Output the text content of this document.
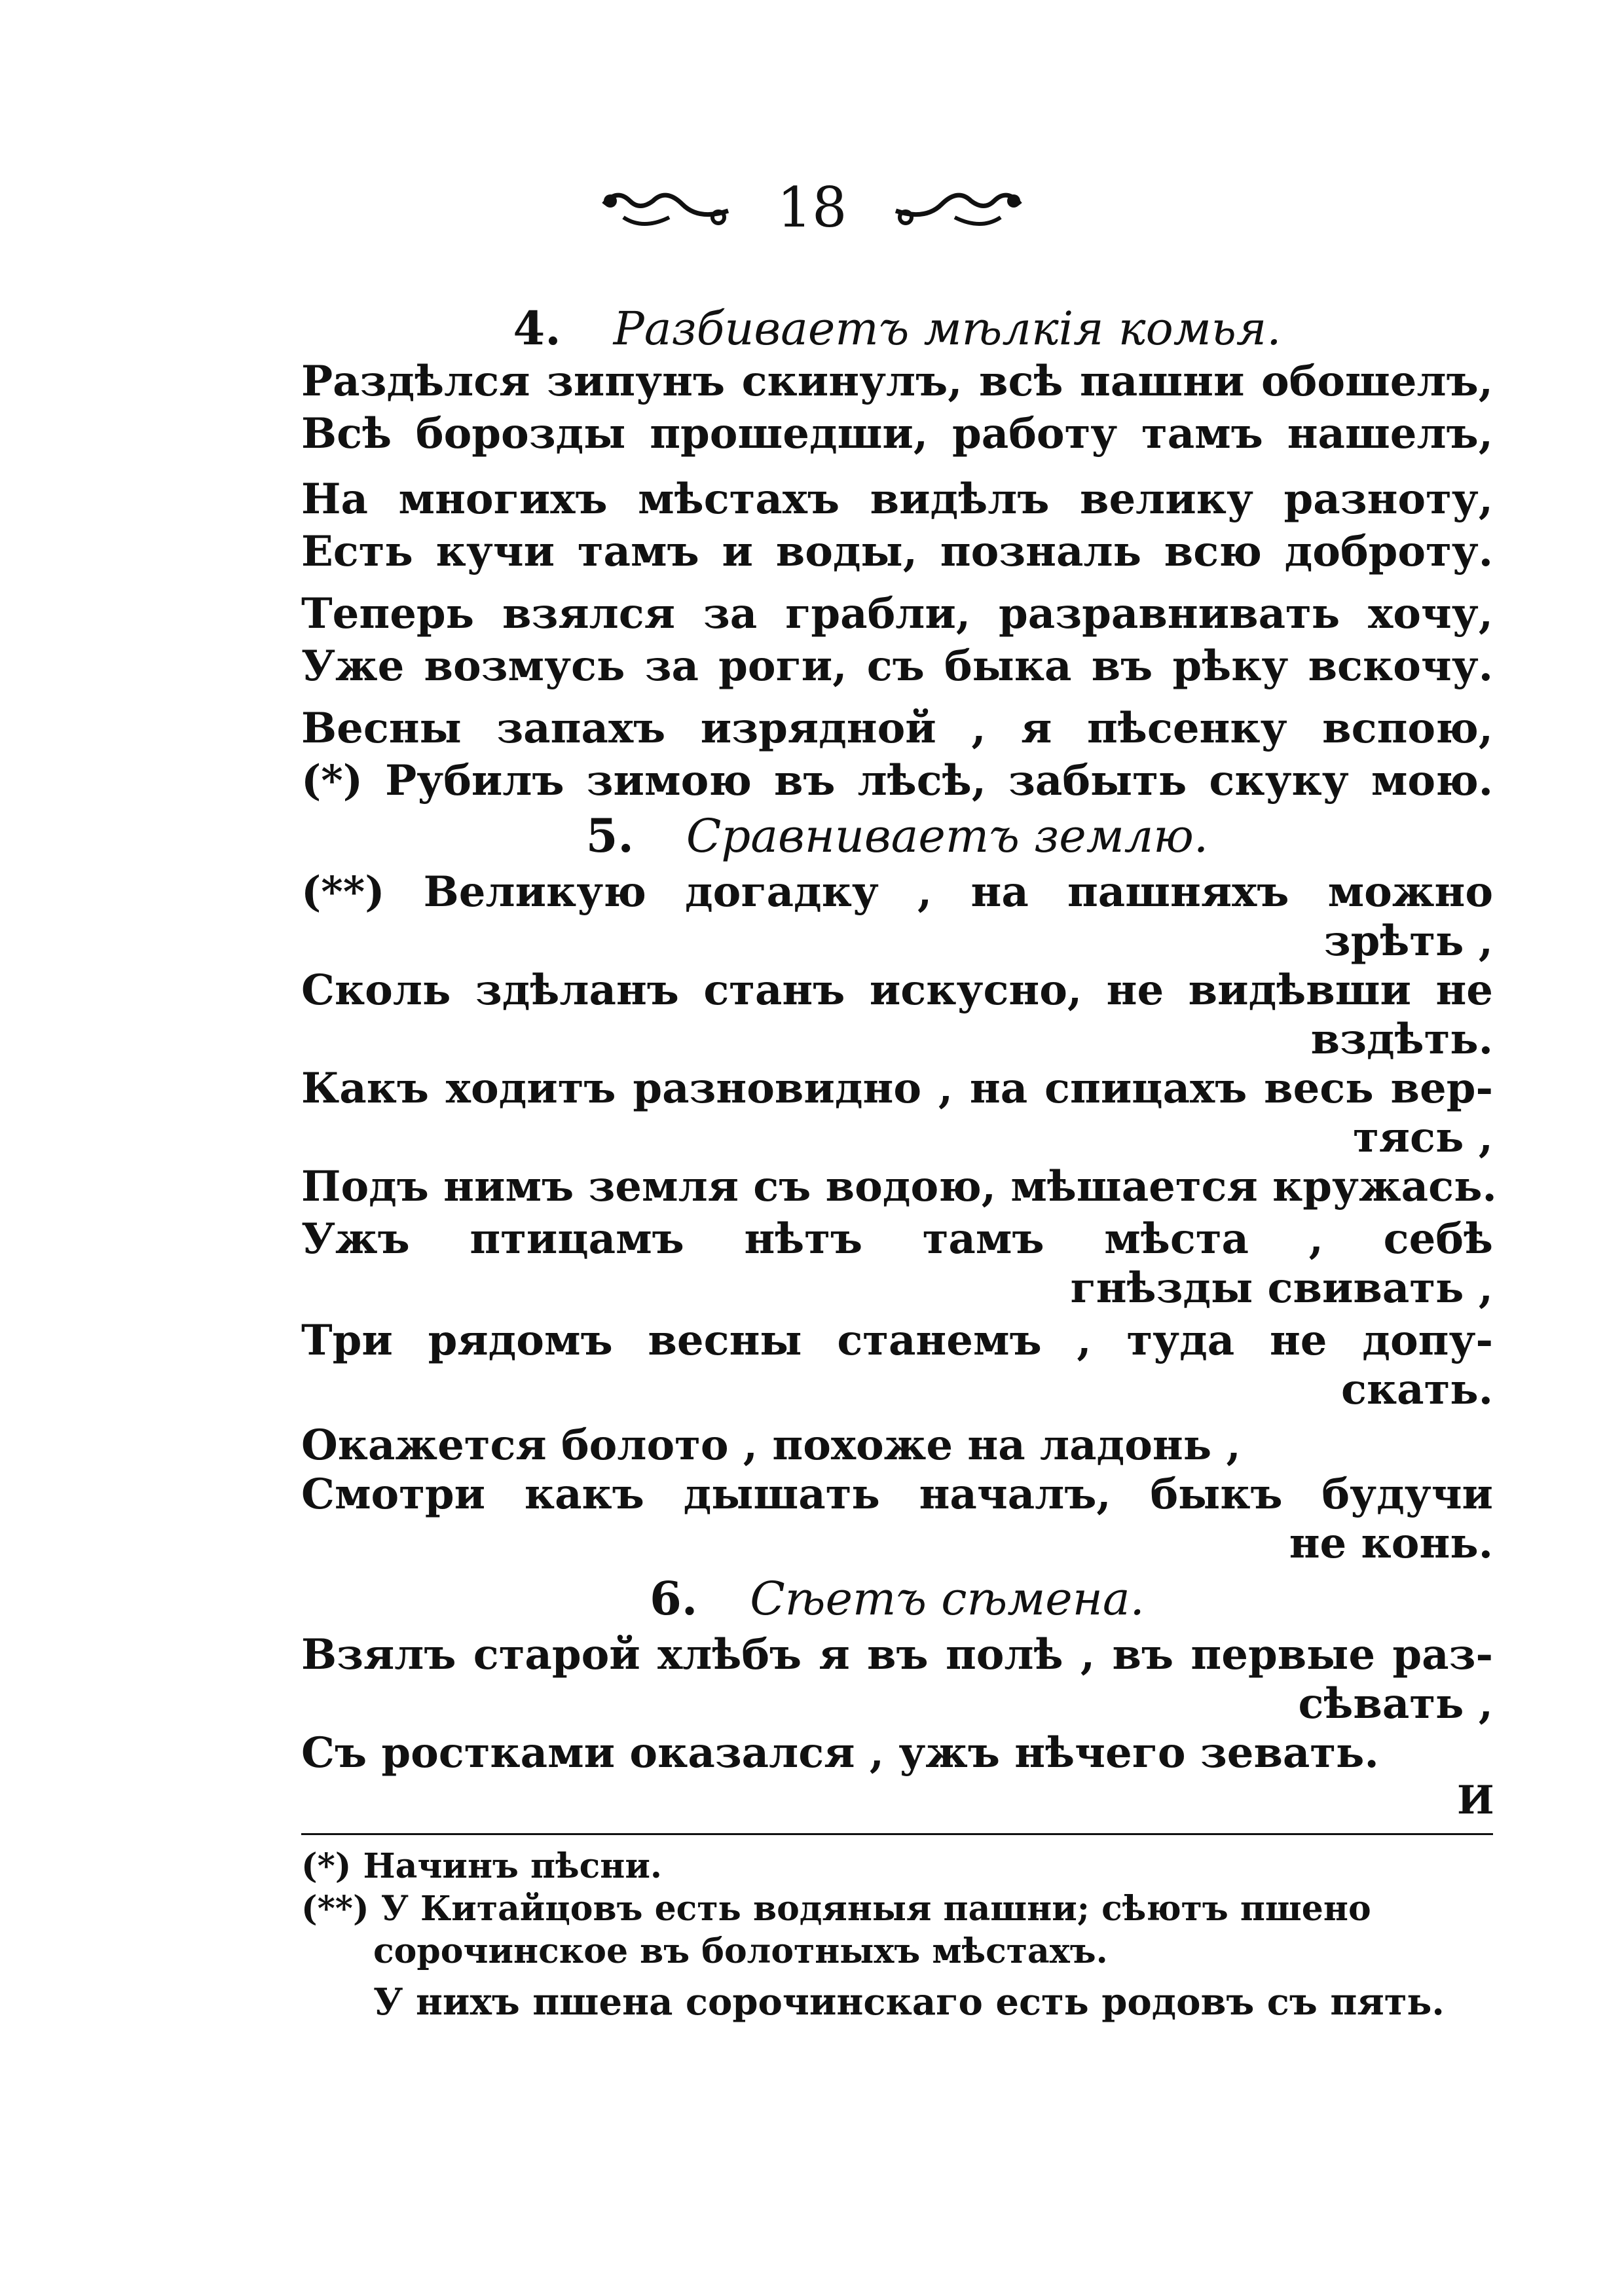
18
4. Разбиваетъ мѣлкія комья.
Раздѣлся зипунъ скинулъ, всѣ пашни обошелъ,
Всѣ борозды прошедши, работу тамъ нашелъ,
На многихъ мѣстахъ видѣлъ велику разноту,
Есть кучи тамъ и воды, позналь всю доброту.
Теперь взялся за грабли, разравнивать хочу,
Уже возмусь за роги, съ быка въ рѣку вскочу.
Весны запахъ изрядной , я пѣсенку вспою,
(*) Рубилъ зимою въ лѣсѣ, забыть скуку мою.
5. Сравниваетъ землю.
(**) Великую догадку , на пашняхъ можно
зрѣть ,
Сколь здѣланъ станъ искусно, не видѣвши не
вздѣть.
Какъ ходитъ разновидно , на спицахъ весь вер-
тясь ,
Подъ нимъ земля съ водою, мѣшается кружась.
Ужъ птицамъ нѣтъ тамъ мѣста , себѣ
гнѣзды свивать ,
Три рядомъ весны станемъ , туда не допу-
скать.
Окажется болото , похоже на ладонь ,
Смотри какъ дышать началъ, быкъ будучи
не конь.
6. Сѣетъ сѣмена.
Взялъ старой хлѣбъ я въ полѣ , въ первые раз-
сѣвать ,
Съ ростками оказался , ужъ нѣчего зевать.
И
(*) Начинъ пѣсни.
(**) У Китайцовъ есть водяныя пашни; сѣютъ пшено
сорочинское въ болотныхъ мѣстахъ.
У нихъ пшена сорочинскаго есть родовъ съ пять.
